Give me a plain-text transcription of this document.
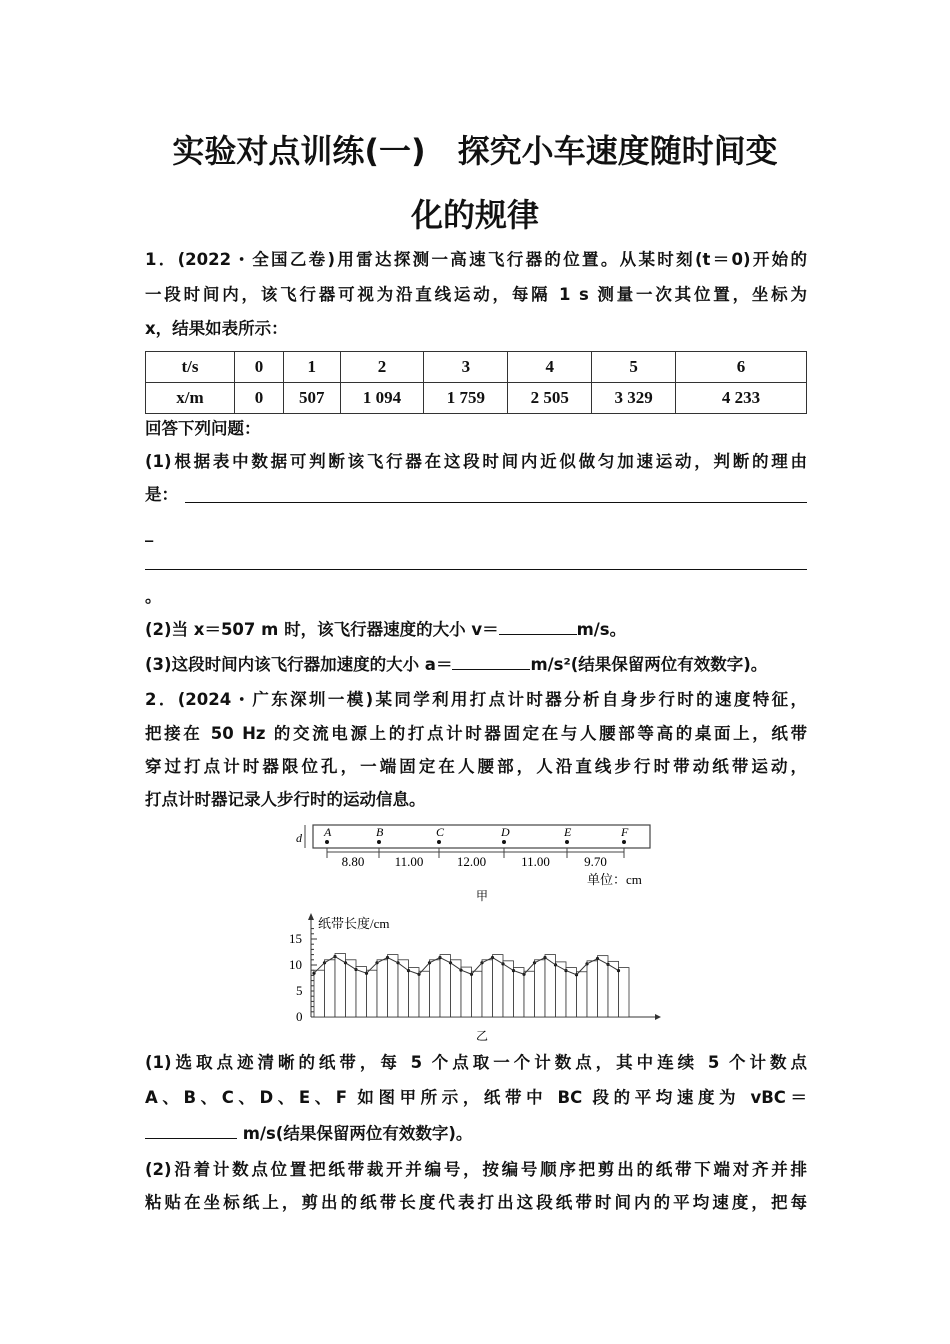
实验对点训练(一)　探究小车速度随时间变
化的规律
1．(2022・全国乙卷)用雷达探测一高速飞行器的位置。从某时刻(t＝0)开始的
一段时间内，该飞行器可视为沿直线运动，每隔 1 s 测量一次其位置，坐标为
x，结果如表所示：
t/s	0	1	2	3	4	5	6
x/m	0	507	1 094	1 759	2 505	3 329	4 233
回答下列问题：
(1)根据表中数据可判断该飞行器在这段时间内近似做匀加速运动，判断的理由
是：
_
。
(2)当 x＝507 m 时，该飞行器速度的大小 v＝	m/s。
(3)这段时间内该飞行器加速度的大小 a＝	m/s²(结果保留两位有效数字)。
2．(2024・广东深圳一模)某同学利用打点计时器分析自身步行时的速度特征，
把接在 50 Hz 的交流电源上的打点计时器固定在与人腰部等高的桌面上，纸带
穿过打点计时器限位孔，一端固定在人腰部，人沿直线步行时带动纸带运动，
打点计时器记录人步行时的运动信息。
d
单位：cm
甲
A	B	C	D	E	F
8.80 11.00	12.00	11.00	9.70
纸带长度/cm
15
10
5
0
乙
(1)选取点迹清晰的纸带，每 5 个点取一个计数点，其中连续 5 个计数点
A、B、C、D、E、F 如图甲所示，纸带中 BC 段的平均速度为 vBC＝
m/s(结果保留两位有效数字)。
(2)沿着计数点位置把纸带裁开并编号，按编号顺序把剪出的纸带下端对齐并排
粘贴在坐标纸上，剪出的纸带长度代表打出这段纸带时间内的平均速度，把每
